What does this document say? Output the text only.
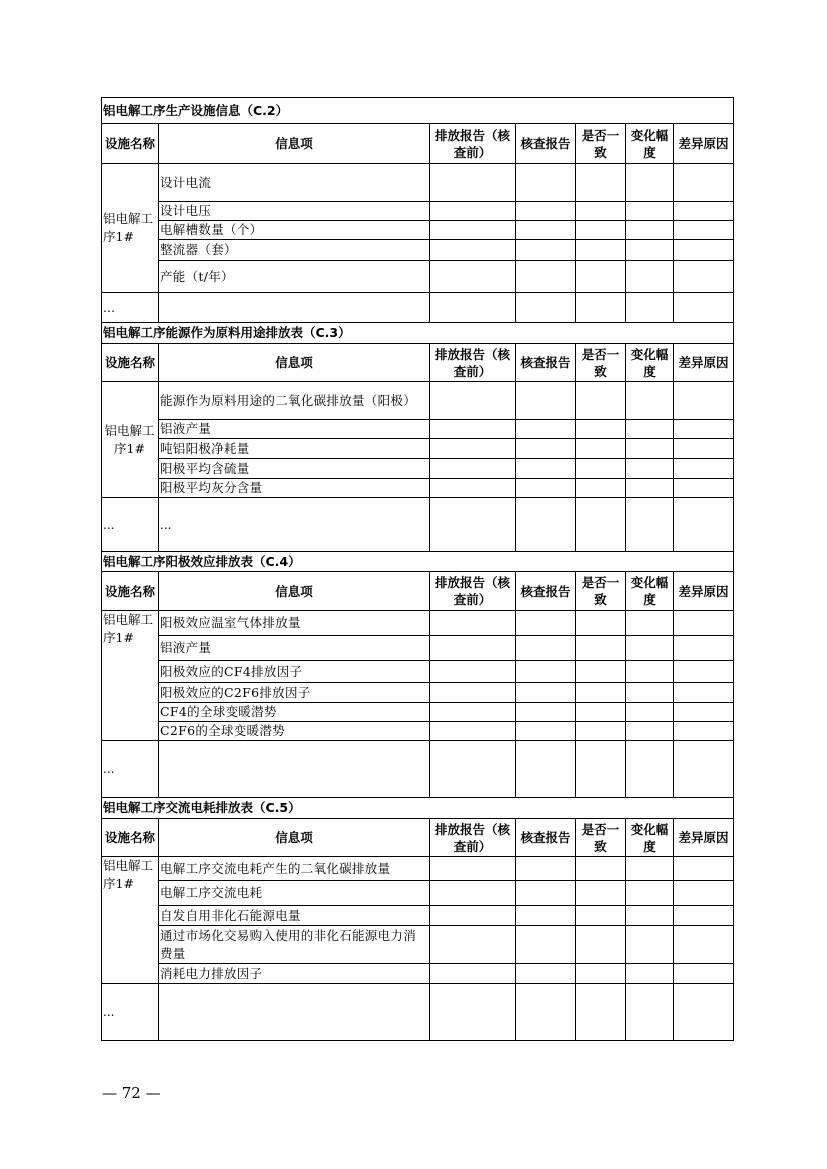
铝电解工序生产设施信息（C.2）						
设施名称	信息项	排放报告（核查前）	核查报告	是否一致	变化幅度	差异原因
铝电解工序1#	设计电流					
	设计电压					
	电解槽数量（个）					
	整流器（套）					
	产能（t/年）					
…						
铝电解工序能源作为原料用途排放表（C.3）						
设施名称	信息项	排放报告（核查前）	核查报告	是否一致	变化幅度	差异原因
铝电解工序1#	能源作为原料用途的二氧化碳排放量（阳极）					
	铝液产量					
	吨铝阳极净耗量					
	阳极平均含硫量					
	阳极平均灰分含量					
...	...					
铝电解工序阳极效应排放表（C.4）						
设施名称	信息项	排放报告（核查前）	核查报告	是否一致	变化幅度	差异原因
铝电解工序1#	阳极效应温室气体排放量					
	铝液产量					
	阳极效应的CF4排放因子					
	阳极效应的C2F6排放因子					
	CF4的全球变暖潜势					
	C2F6的全球变暖潜势					
...						
铝电解工序交流电耗排放表（C.5）						
设施名称	信息项	排放报告（核查前）	核查报告	是否一致	变化幅度	差异原因
铝电解工序1#	电解工序交流电耗产生的二氧化碳排放量					
	电解工序交流电耗					
	自发自用非化石能源电量					
	通过市场化交易购入使用的非化石能源电力消费量					
	消耗电力排放因子					
...						
— 72 —
